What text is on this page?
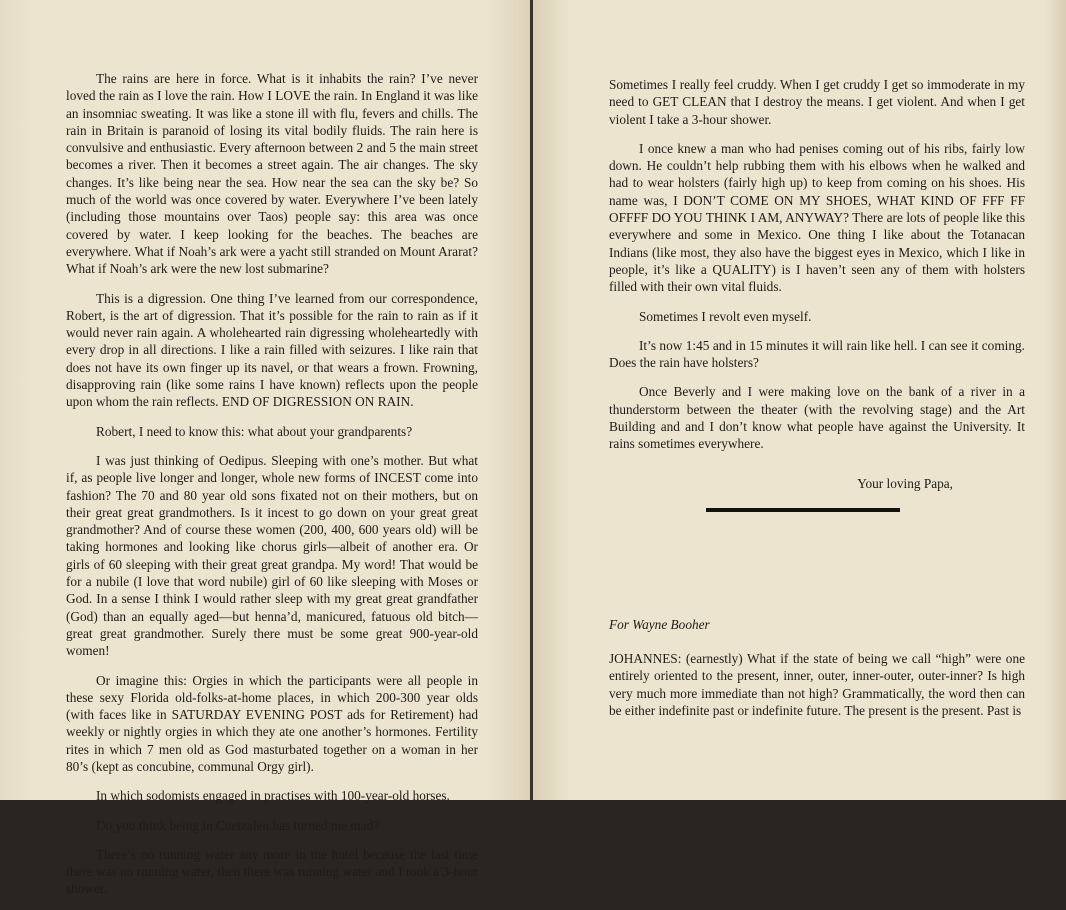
The rains are here in force. What is it inhabits the rain? I’ve never loved the rain as I love the rain. How I LOVE the rain. In England it was like an insomniac sweating. It was like a stone ill with flu, fevers and chills. The rain in Britain is paranoid of losing its vital bodily fluids. The rain here is convulsive and enthusiastic. Every afternoon between 2 and 5 the main street becomes a river. Then it becomes a street again. The air changes. The sky changes. It’s like being near the sea. How near the sea can the sky be? So much of the world was once covered by water. Everywhere I’ve been lately (including those mountains over Taos) people say: this area was once covered by water. I keep looking for the beaches. The beaches are everywhere. What if Noah’s ark were a yacht still stranded on Mount Ararat? What if Noah’s ark were the new lost submarine?

This is a digression. One thing I’ve learned from our correspondence, Robert, is the art of digression. That it’s possible for the rain to rain as if it would never rain again. A wholehearted rain digressing wholeheartedly with every drop in all directions. I like a rain filled with seizures. I like rain that does not have its own finger up its navel, or that wears a frown. Frowning, disapproving rain (like some rains I have known) reflects upon the people upon whom the rain reflects. END OF DIGRESSION ON RAIN.

Robert, I need to know this: what about your grandparents?

I was just thinking of Oedipus. Sleeping with one’s mother. But what if, as people live longer and longer, whole new forms of INCEST come into fashion? The 70 and 80 year old sons fixated not on their mothers, but on their great great grandmothers. Is it incest to go down on your great great grandmother? And of course these women (200, 400, 600 years old) will be taking hormones and looking like chorus girls—albeit of another era. Or girls of 60 sleeping with their great great grandpa. My word! That would be for a nubile (I love that word nubile) girl of 60 like sleeping with Moses or God. In a sense I think I would rather sleep with my great great grandfather (God) than an equally aged—but henna’d, manicured, fatuous old bitch—great great grandmother. Surely there must be some great 900-year-old women!

Or imagine this: Orgies in which the participants were all people in these sexy Florida old-folks-at-home places, in which 200-300 year olds (with faces like in SATURDAY EVENING POST ads for Retirement) had weekly or nightly orgies in which they ate one another’s hormones. Fertility rites in which 7 men old as God masturbated together on a woman in her 80’s (kept as concubine, communal Orgy girl).

In which sodomists engaged in practises with 100-year-old horses.

Do you think being in Cuetzalen has turned me mad?

There’s no running water any more in the hotel because the last time there was no running water, then there was running water and I took a 3-hour shower.

Sometimes I really feel cruddy. When I get cruddy I get so immoderate in my need to GET CLEAN that I destroy the means. I get violent. And when I get violent I take a 3-hour shower.

I once knew a man who had penises coming out of his ribs, fairly low down. He couldn’t help rubbing them with his elbows when he walked and had to wear holsters (fairly high up) to keep from coming on his shoes. His name was, I DON’T COME ON MY SHOES, WHAT KIND OF FFF FF OFFFF DO YOU THINK I AM, ANYWAY? There are lots of people like this everywhere and some in Mexico. One thing I like about the Totanacan Indians (like most, they also have the biggest eyes in Mexico, which I like in people, it’s like a QUALITY) is I haven’t seen any of them with holsters filled with their own vital fluids.

Sometimes I revolt even myself.

It’s now 1:45 and in 15 minutes it will rain like hell. I can see it coming. Does the rain have holsters?

Once Beverly and I were making love on the bank of a river in a thunderstorm between the theater (with the revolving stage) and the Art Building and and I don’t know what people have against the University. It rains sometimes everywhere.

Your loving Papa,
For Wayne Booher
JOHANNES: (earnestly) What if the state of being we call “high” were one entirely oriented to the present, inner, outer, inner-outer, outer-inner? Is high very much more immediate than not high? Grammatically, the word then can be either indefinite past or indefinite future. The present is the present. Past is
